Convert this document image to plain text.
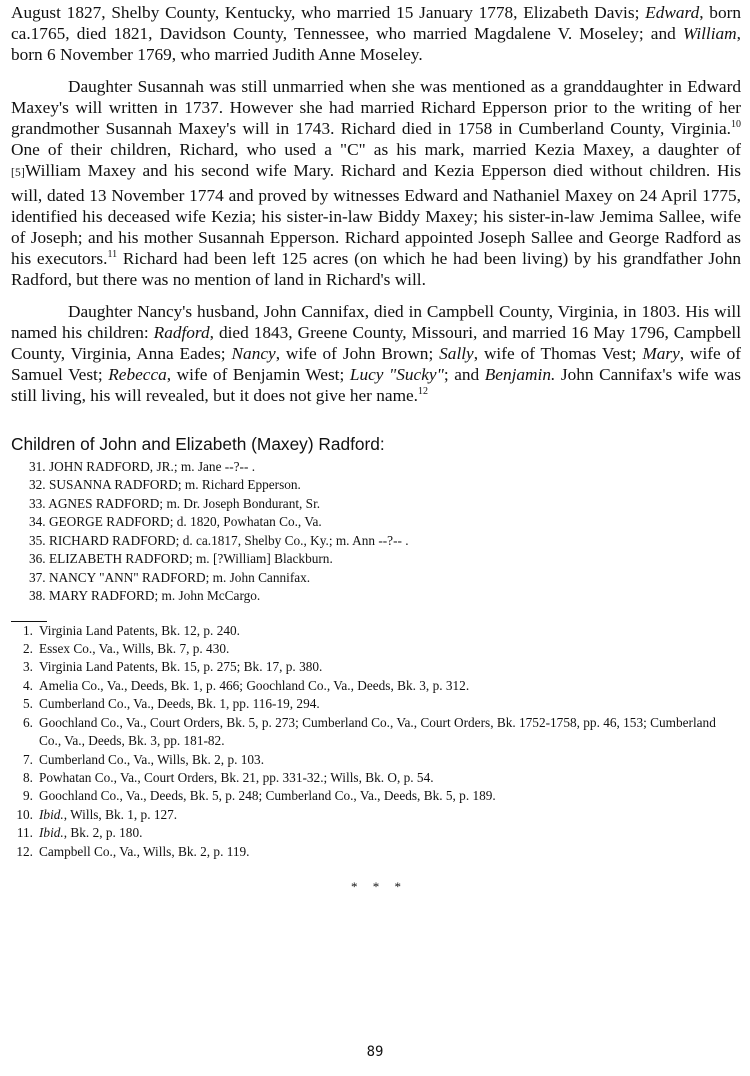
August 1827, Shelby County, Kentucky, who married 15 January 1778, Elizabeth Davis; Edward, born ca.1765, died 1821, Davidson County, Tennessee, who married Magdalene V. Moseley; and William, born 6 November 1769, who married Judith Anne Moseley.

Daughter Susannah was still unmarried when she was mentioned as a granddaughter in Edward Maxey's will written in 1737. However she had married Richard Epperson prior to the writing of her grandmother Susannah Maxey's will in 1743. Richard died in 1758 in Cumberland County, Virginia.$^{10}$ One of their children, Richard, who used a "C" as his mark, married Kezia Maxey, a daughter of [5]William Maxey and his second wife Mary. Richard and Kezia Epperson died without children. His will, dated 13 November 1774 and proved by witnesses Edward and Nathaniel Maxey on 24 April 1775, identified his deceased wife Kezia; his sister-in-law Biddy Maxey; his sister-in-law Jemima Sallee, wife of Joseph; and his mother Susannah Epperson. Richard appointed Joseph Sallee and George Radford as his executors.$^{11}$ Richard had been left 125 acres (on which he had been living) by his grandfather John Radford, but there was no mention of land in Richard's will.

Daughter Nancy's husband, John Cannifax, died in Campbell County, Virginia, in 1803. His will named his children: Radford, died 1843, Greene County, Missouri, and married 16 May 1796, Campbell County, Virginia, Anna Eades; Nancy, wife of John Brown; Sally, wife of Thomas Vest; Mary, wife of Samuel Vest; Rebecca, wife of Benjamin West; Lucy "Sucky"; and Benjamin. John Cannifax's wife was still living, his will revealed, but it does not give her name.$^{12}$

Children of John and Elizabeth (Maxey) Radford:
31. JOHN RADFORD, JR.; m. Jane --?-- .
32. SUSANNA RADFORD; m. Richard Epperson.
33. AGNES RADFORD; m. Dr. Joseph Bondurant, Sr.
34. GEORGE RADFORD; d. 1820, Powhatan Co., Va.
35. RICHARD RADFORD; d. ca.1817, Shelby Co., Ky.; m. Ann --?-- .
36. ELIZABETH RADFORD; m. [?William] Blackburn.
37. NANCY "ANN" RADFORD; m. John Cannifax.
38. MARY RADFORD; m. John McCargo.
1. Virginia Land Patents, Bk. 12, p. 240.
2. Essex Co., Va., Wills, Bk. 7, p. 430.
3. Virginia Land Patents, Bk. 15, p. 275; Bk. 17, p. 380.
4. Amelia Co., Va., Deeds, Bk. 1, p. 466; Goochland Co., Va., Deeds, Bk. 3, p. 312.
5. Cumberland Co., Va., Deeds, Bk. 1, pp. 116-19, 294.
6. Goochland Co., Va., Court Orders, Bk. 5, p. 273; Cumberland Co., Va., Court Orders, Bk. 1752-1758, pp. 46, 153; Cumberland Co., Va., Deeds, Bk. 3, pp. 181-82.
7. Cumberland Co., Va., Wills, Bk. 2, p. 103.
8. Powhatan Co., Va., Court Orders, Bk. 21, pp. 331-32.; Wills, Bk. O, p. 54.
9. Goochland Co., Va., Deeds, Bk. 5, p. 248; Cumberland Co., Va., Deeds, Bk. 5, p. 189.
10. Ibid., Wills, Bk. 1, p. 127.
11. Ibid., Bk. 2, p. 180.
12. Campbell Co., Va., Wills, Bk. 2, p. 119.
* * *
89
